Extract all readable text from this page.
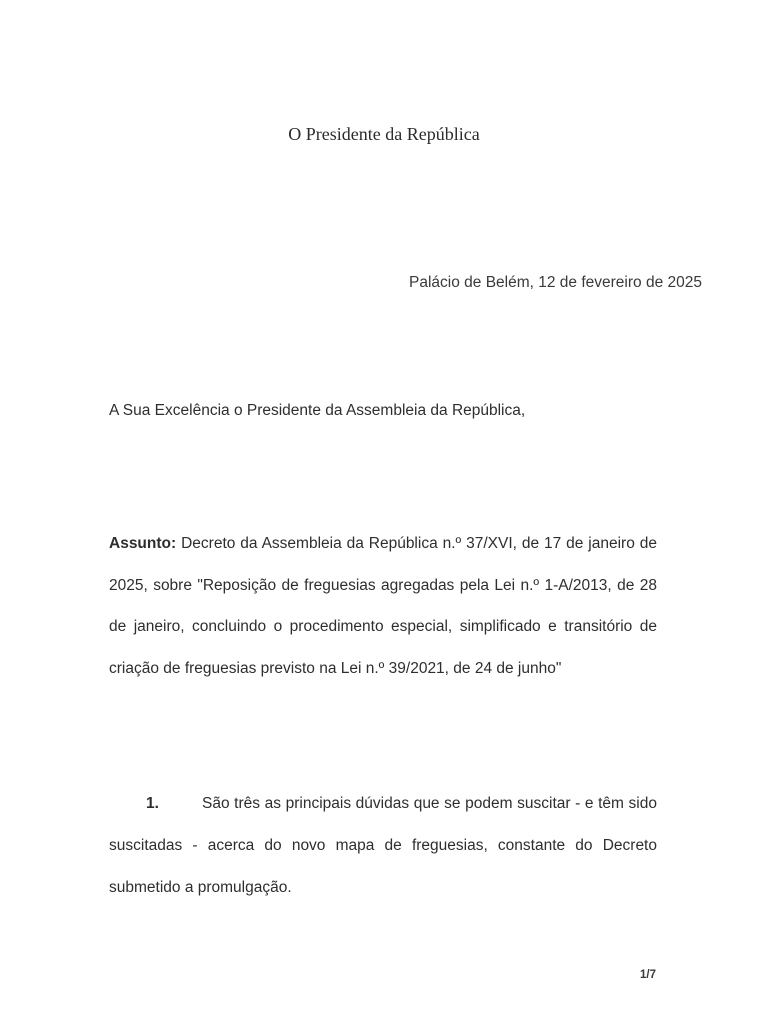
O Presidente da República
Palácio de Belém, 12 de fevereiro de 2025
A Sua Excelência o Presidente da Assembleia da República,
Assunto: Decreto da Assembleia da República n.º 37/XVI, de 17 de janeiro de 2025, sobre "Reposição de freguesias agregadas pela Lei n.º 1-A/2013, de 28 de janeiro, concluindo o procedimento especial, simplificado e transitório de criação de freguesias previsto na Lei n.º 39/2021, de 24 de junho"
1.	São três as principais dúvidas que se podem suscitar - e têm sido suscitadas - acerca do novo mapa de freguesias, constante do Decreto submetido a promulgação.
1/7
